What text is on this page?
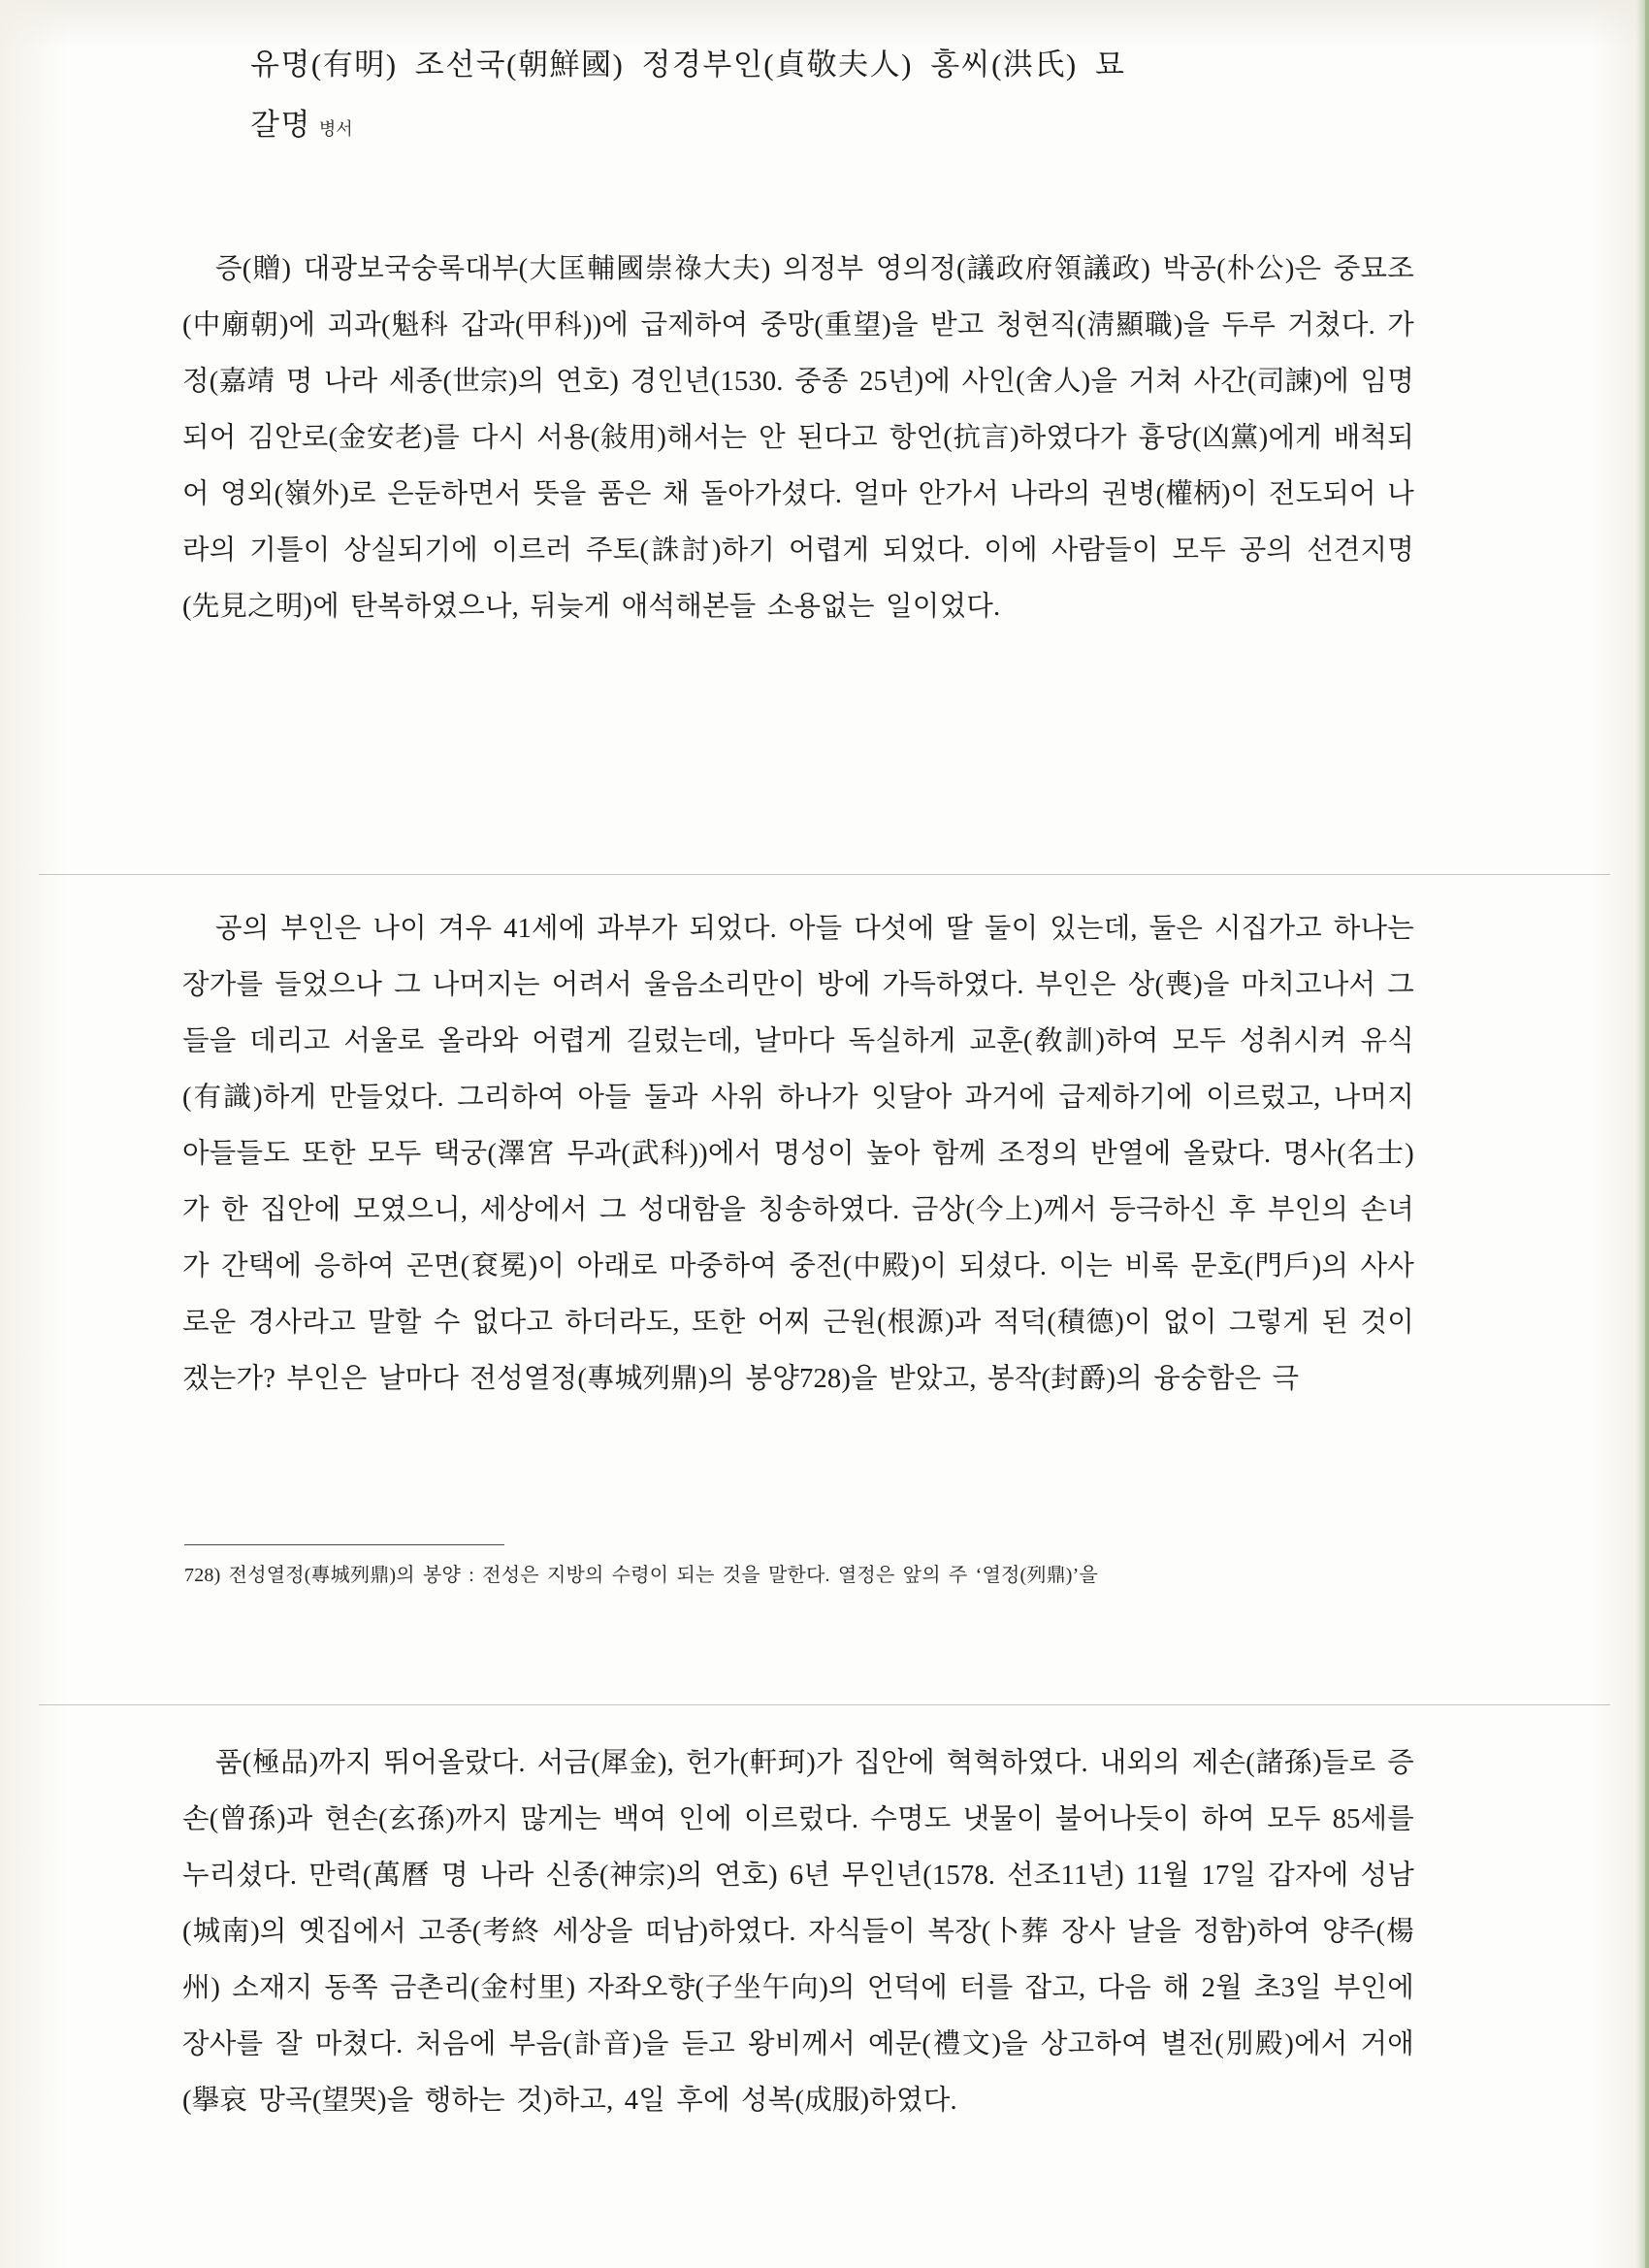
유명(有明) 조선국(朝鮮國) 정경부인(貞敬夫人) 홍씨(洪氏) 묘
갈명 병서

증(贈) 대광보국숭록대부(大匡輔國崇祿大夫) 의정부 영의정(議政府領議政) 박공(朴公)은 중묘조(中廟朝)에 괴과(魁科 갑과(甲科))에 급제하여 중망(重望)을 받고 청현직(淸顯職)을 두루 거쳤다. 가정(嘉靖 명 나라 세종(世宗)의 연호) 경인년(1530. 중종 25년)에 사인(舍人)을 거쳐 사간(司諫)에 임명되어 김안로(金安老)를 다시 서용(敍用)해서는 안 된다고 항언(抗言)하였다가 흉당(凶黨)에게 배척되어 영외(嶺外)로 은둔하면서 뜻을 품은 채 돌아가셨다. 얼마 안가서 나라의 권병(權柄)이 전도되어 나라의 기틀이 상실되기에 이르러 주토(誅討)하기 어렵게 되었다. 이에 사람들이 모두 공의 선견지명(先見之明)에 탄복하였으나, 뒤늦게 애석해본들 소용없는 일이었다.

공의 부인은 나이 겨우 41세에 과부가 되었다. 아들 다섯에 딸 둘이 있는데, 둘은 시집가고 하나는 장가를 들었으나 그 나머지는 어려서 울음소리만이 방에 가득하였다. 부인은 상(喪)을 마치고나서 그들을 데리고 서울로 올라와 어렵게 길렀는데, 날마다 독실하게 교훈(敎訓)하여 모두 성취시켜 유식(有識)하게 만들었다. 그리하여 아들 둘과 사위 하나가 잇달아 과거에 급제하기에 이르렀고, 나머지 아들들도 또한 모두 택궁(澤宮 무과(武科))에서 명성이 높아 함께 조정의 반열에 올랐다. 명사(名士)가 한 집안에 모였으니, 세상에서 그 성대함을 칭송하였다. 금상(今上)께서 등극하신 후 부인의 손녀가 간택에 응하여 곤면(袞冕)이 아래로 마중하여 중전(中殿)이 되셨다. 이는 비록 문호(門戶)의 사사로운 경사라고 말할 수 없다고 하더라도, 또한 어찌 근원(根源)과 적덕(積德)이 없이 그렇게 된 것이겠는가? 부인은 날마다 전성열정(專城列鼎)의 봉양728)을 받았고, 봉작(封爵)의 융숭함은 극

728) 전성열정(專城列鼎)의 봉양 : 전성은 지방의 수령이 되는 것을 말한다. 열정은 앞의 주 ‘열정(列鼎)’을

품(極品)까지 뛰어올랐다. 서금(犀金), 헌가(軒珂)가 집안에 혁혁하였다. 내외의 제손(諸孫)들로 증손(曾孫)과 현손(玄孫)까지 많게는 백여 인에 이르렀다. 수명도 냇물이 불어나듯이 하여 모두 85세를 누리셨다. 만력(萬曆 명 나라 신종(神宗)의 연호) 6년 무인년(1578. 선조11년) 11월 17일 갑자에 성남(城南)의 옛집에서 고종(考終 세상을 떠남)하였다. 자식들이 복장(卜葬 장사 날을 정함)하여 양주(楊州) 소재지 동쪽 금촌리(金村里) 자좌오향(子坐午向)의 언덕에 터를 잡고, 다음 해 2월 초3일 부인에 장사를 잘 마쳤다. 처음에 부음(訃音)을 듣고 왕비께서 예문(禮文)을 상고하여 별전(別殿)에서 거애(擧哀 망곡(望哭)을 행하는 것)하고, 4일 후에 성복(成服)하였다.
